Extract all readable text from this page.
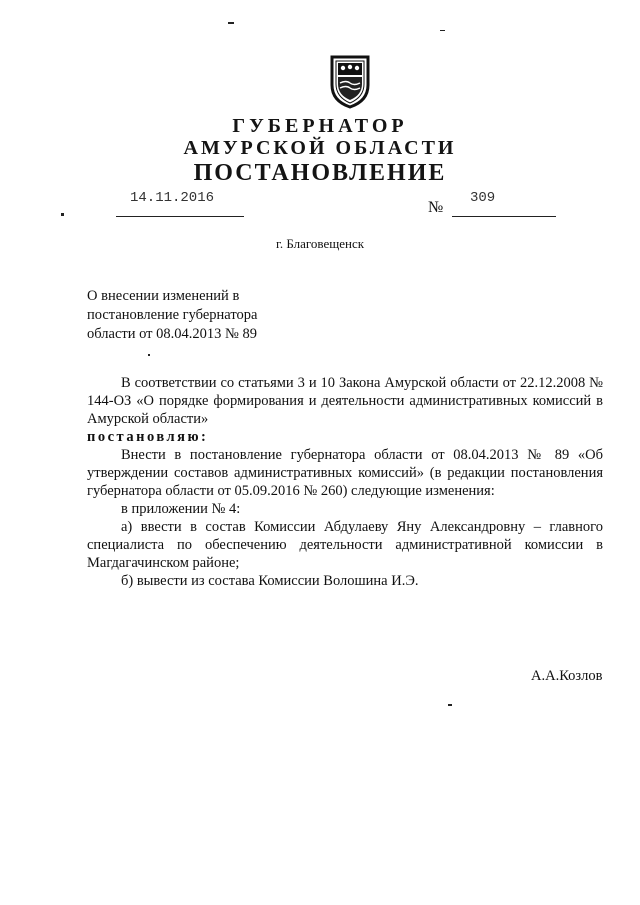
ГУБЕРНАТОР
АМУРСКОЙ ОБЛАСТИ
ПОСТАНОВЛЕНИЕ
14.11.2016
№
309
г. Благовещенск
О внесении изменений в
постановление губернатора
области от 08.04.2013 № 89

В соответствии со статьями 3 и 10 Закона Амурской области от 22.12.2008 № 144-ОЗ «О порядке формирования и деятельности административных комиссий в Амурской области»

постановляю:

Внести в постановление губернатора области от 08.04.2013 № 89 «Об утверждении составов административных комиссий» (в редакции постановления губернатора области от 05.09.2016 № 260) следующие изменения:

в приложении № 4:

а) ввести в состав Комиссии Абдулаеву Яну Александровну – главного специалиста по обеспечению деятельности административной комиссии в Магдагачинском районе;

б) вывести из состава Комиссии Волошина И.Э.

А.А.Козлов
